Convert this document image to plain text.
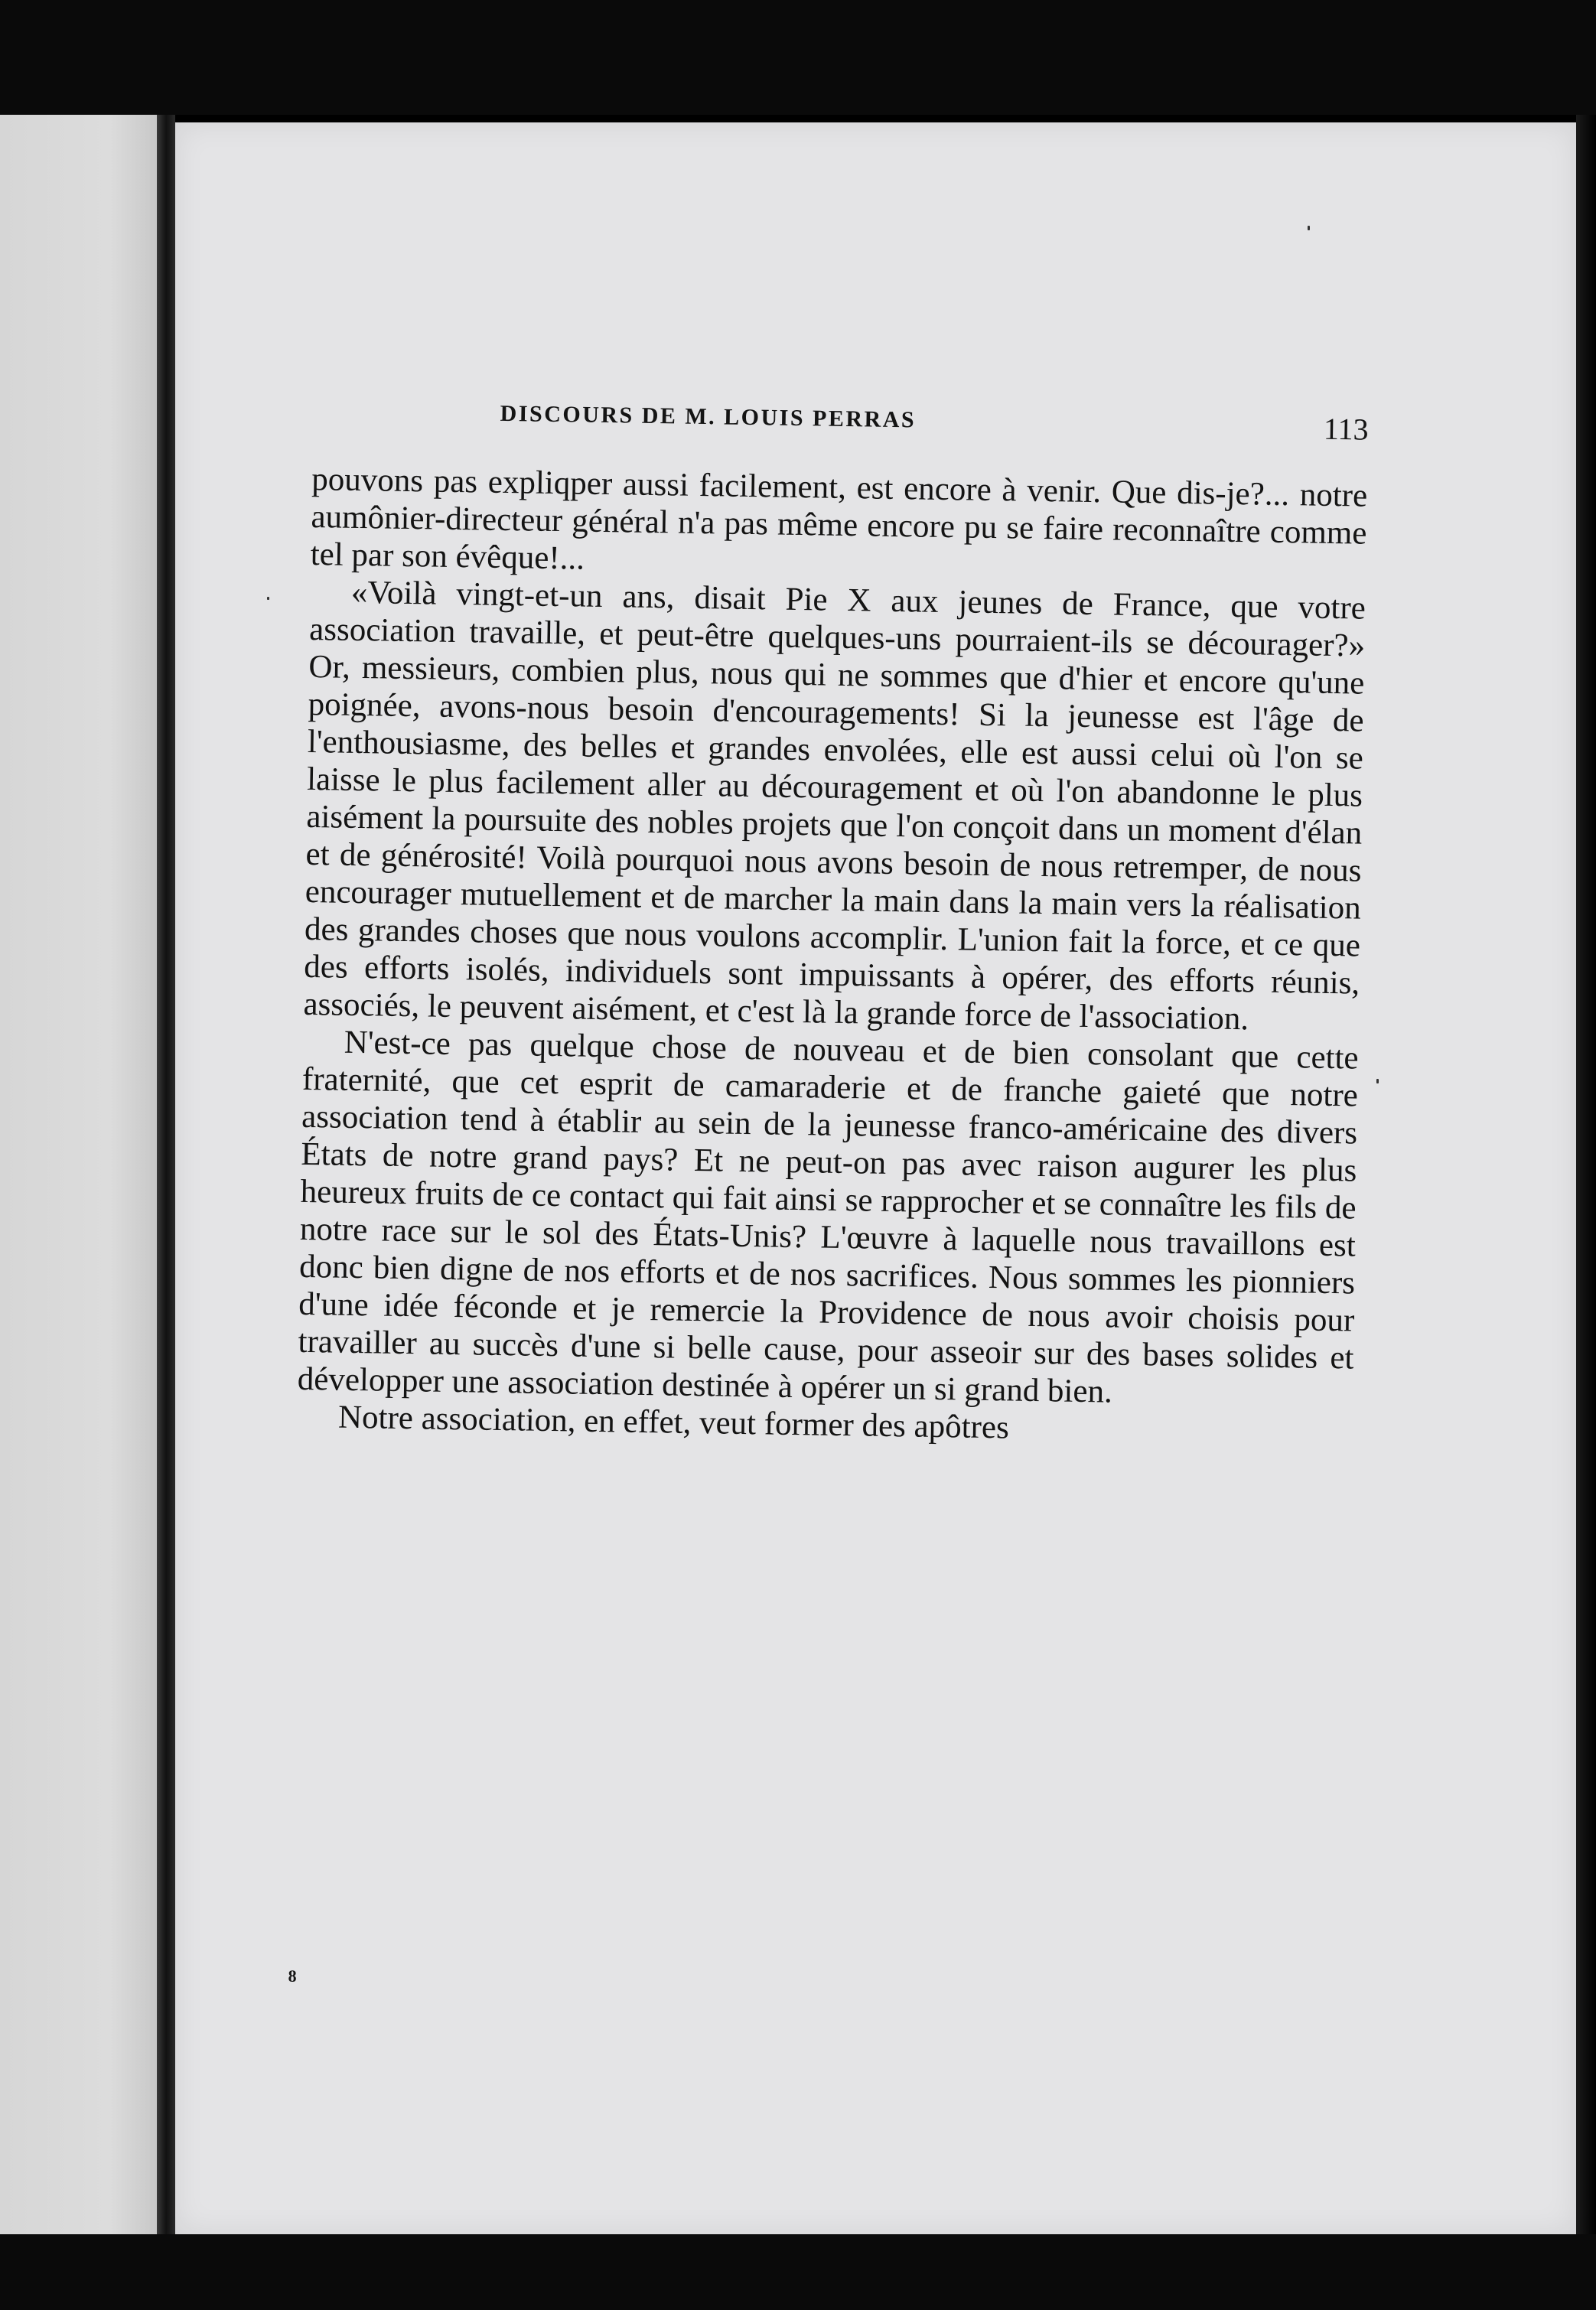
DISCOURS DE M. LOUIS PERRAS	113

pouvons pas expliqper aussi facilement, est encore à venir. Que dis-je?... notre aumônier-directeur général n'a pas même encore pu se faire reconnaître comme tel par son évêque!...

«Voilà vingt-et-un ans, disait Pie X aux jeunes de France, que votre association travaille, et peut-être quelques-uns pourraient-ils se décourager?» Or, messieurs, combien plus, nous qui ne sommes que d'hier et encore qu'une poignée, avons-nous besoin d'encouragements! Si la jeunesse est l'âge de l'enthousiasme, des belles et grandes envolées, elle est aussi celui où l'on se laisse le plus facilement aller au découragement et où l'on abandonne le plus aisément la poursuite des nobles projets que l'on conçoit dans un moment d'élan et de générosité! Voilà pourquoi nous avons besoin de nous retremper, de nous encourager mutuellement et de marcher la main dans la main vers la réalisation des grandes choses que nous voulons accomplir. L'union fait la force, et ce que des efforts isolés, individuels sont impuissants à opérer, des efforts réunis, associés, le peuvent aisément, et c'est là la grande force de l'association.

N'est-ce pas quelque chose de nouveau et de bien consolant que cette fraternité, que cet esprit de camaraderie et de franche gaieté que notre association tend à établir au sein de la jeunesse franco-américaine des divers États de notre grand pays? Et ne peut-on pas avec raison augurer les plus heureux fruits de ce contact qui fait ainsi se rapprocher et se connaître les fils de notre race sur le sol des États-Unis? L'œuvre à laquelle nous travaillons est donc bien digne de nos efforts et de nos sacrifices. Nous sommes les pionniers d'une idée féconde et je remercie la Providence de nous avoir choisis pour travailler au succès d'une si belle cause, pour asseoir sur des bases solides et développer une association destinée à opérer un si grand bien.

Notre association, en effet, veut former des apôtres

8
